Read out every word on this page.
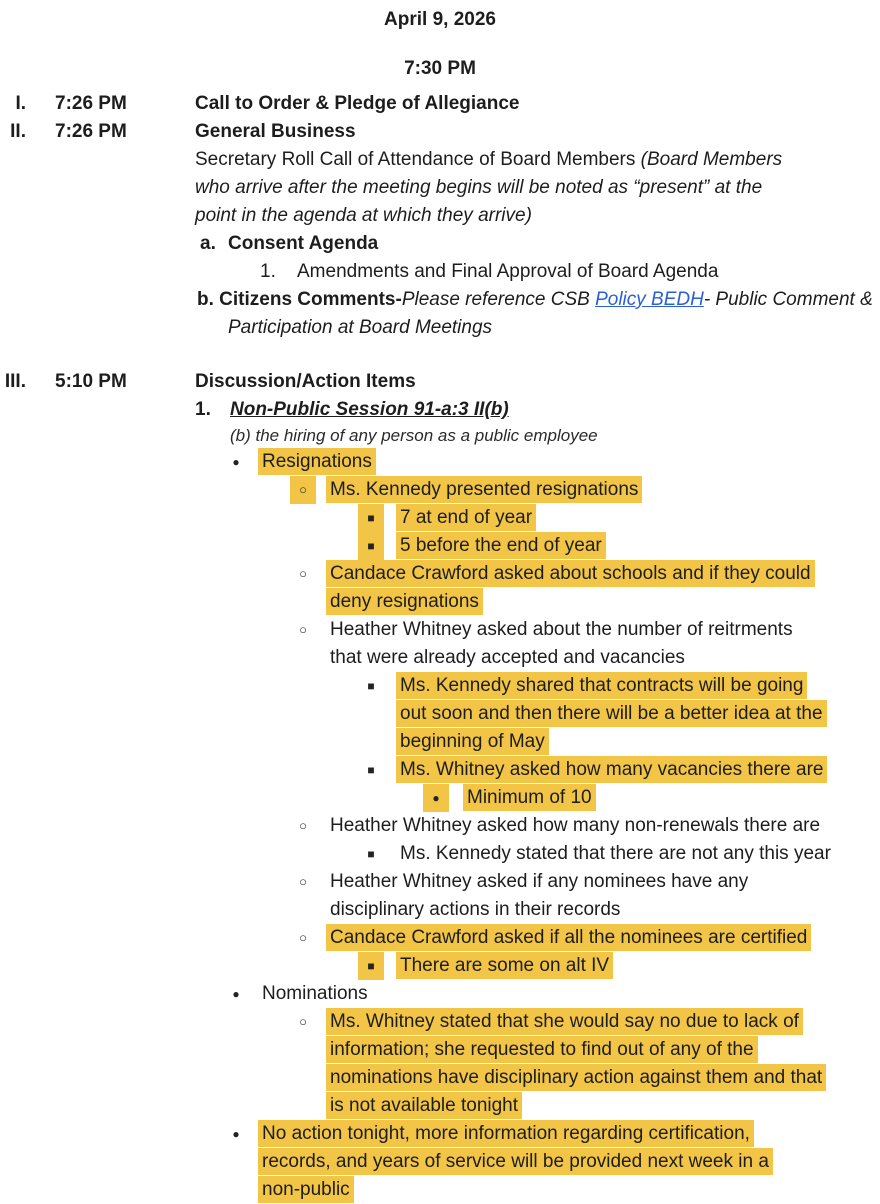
April 9, 2026
7:30 PM
I. 7:26 PM	Call to Order & Pledge of Allegiance
II. 7:26 PM	General Business
Secretary Roll Call of Attendance of Board Members (Board Members
who arrive after the meeting begins will be noted as “present” at the
point in the agenda at which they arrive)
a. Consent Agenda
1. Amendments and Final Approval of Board Agenda
b. Citizens Comments-Please reference CSB Policy BEDH- Public Comment &
Participation at Board Meetings
III. 5:10 PM	Discussion/Action Items
1. Non-Public Session 91-a:3 II(b)
(b) the hiring of any person as a public employee
●	Resignations
○	Ms. Kennedy presented resignations
■	7 at end of year
■	5 before the end of year
○	Candace Crawford asked about schools and if they could
deny resignations
○	Heather Whitney asked about the number of reitrments
that were already accepted and vacancies
■	Ms. Kennedy shared that contracts will be going
out soon and then there will be a better idea at the
beginning of May
■	Ms. Whitney asked how many vacancies there are
●	Minimum of 10
○	Heather Whitney asked how many non-renewals there are
■	Ms. Kennedy stated that there are not any this year
○	Heather Whitney asked if any nominees have any
disciplinary actions in their records
○	Candace Crawford asked if all the nominees are certified
■	There are some on alt IV
●	Nominations
○	Ms. Whitney stated that she would say no due to lack of
information; she requested to find out of any of the
nominations have disciplinary action against them and that
is not available tonight
●	No action tonight, more information regarding certification,
records, and years of service will be provided next week in a
non-public
